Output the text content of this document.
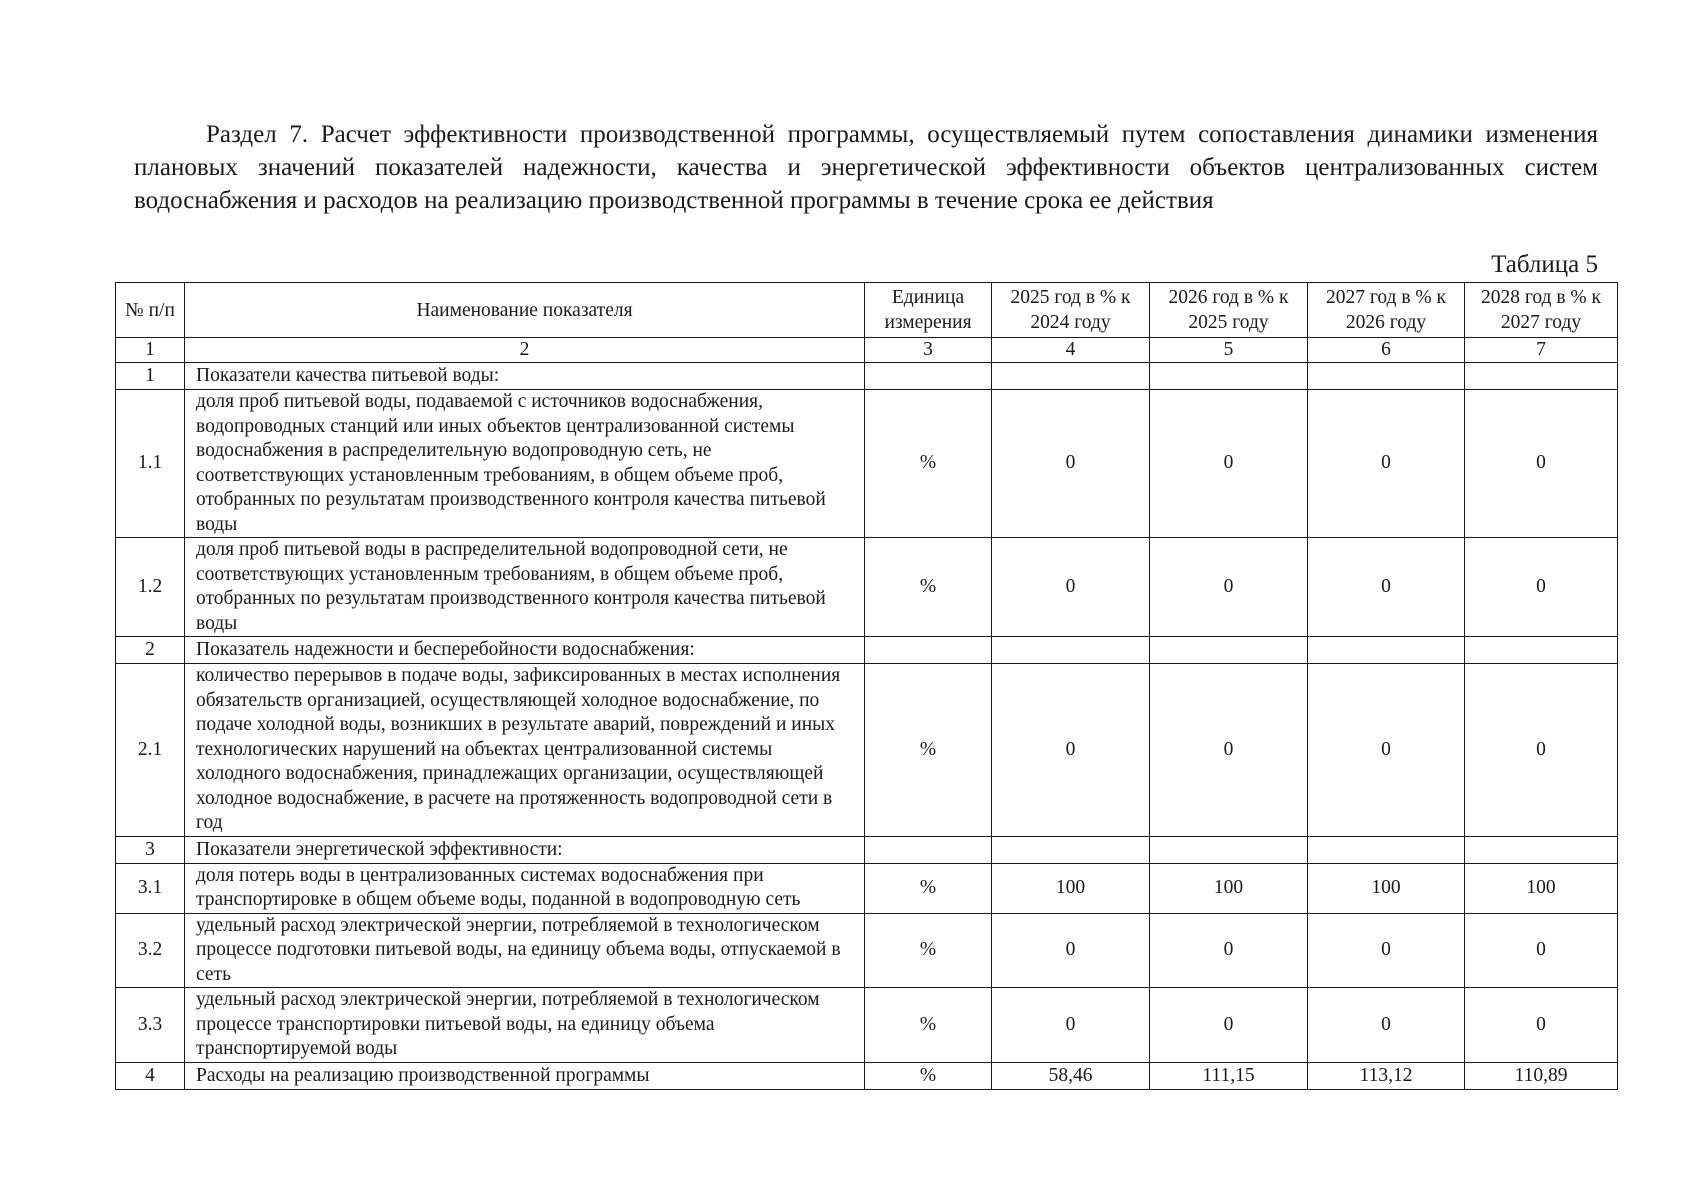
Раздел 7. Расчет эффективности производственной программы, осуществляемый путем сопоставления динамики изменения плановых значений показателей надежности, качества и энергетической эффективности объектов централизованных систем водоснабжения и расходов на реализацию производственной программы в течение срока ее действия

Таблица 5
№ п/п	Наименование показателя	Единица измерения	2025 год в % к 2024 году	2026 год в % к 2025 году	2027 год в % к 2026 году	2028 год в % к 2027 году
1	2	3	4	5	6	7
1	Показатели качества питьевой воды:					
1.1	доля проб питьевой воды, подаваемой с источников водоснабжения, водопроводных станций или иных объектов централизованной системы водоснабжения в распределительную водопроводную сеть, не соответствующих установленным требованиям, в общем объеме проб, отобранных по результатам производственного контроля качества питьевой воды	%	0	0	0	0
1.2	доля проб питьевой воды в распределительной водопроводной сети, не соответствующих установленным требованиям, в общем объеме проб, отобранных по результатам производственного контроля качества питьевой воды	%	0	0	0	0
2	Показатель надежности и бесперебойности водоснабжения:					
2.1	количество перерывов в подаче воды, зафиксированных в местах исполнения обязательств организацией, осуществляющей холодное водоснабжение, по подаче холодной воды, возникших в результате аварий, повреждений и иных технологических нарушений на объектах централизованной системы холодного водоснабжения, принадлежащих организации, осуществляющей холодное водоснабжение, в расчете на протяженность водопроводной сети в год	%	0	0	0	0
3	Показатели энергетической эффективности:					
3.1	доля потерь воды в централизованных системах водоснабжения при транспортировке в общем объеме воды, поданной в водопроводную сеть	%	100	100	100	100
3.2	удельный расход электрической энергии, потребляемой в технологическом процессе подготовки питьевой воды, на единицу объема воды, отпускаемой в сеть	%	0	0	0	0
3.3	удельный расход электрической энергии, потребляемой в технологическом процессе транспортировки питьевой воды, на единицу объема транспортируемой воды	%	0	0	0	0
4	Расходы на реализацию производственной программы	%	58,46	111,15	113,12	110,89
